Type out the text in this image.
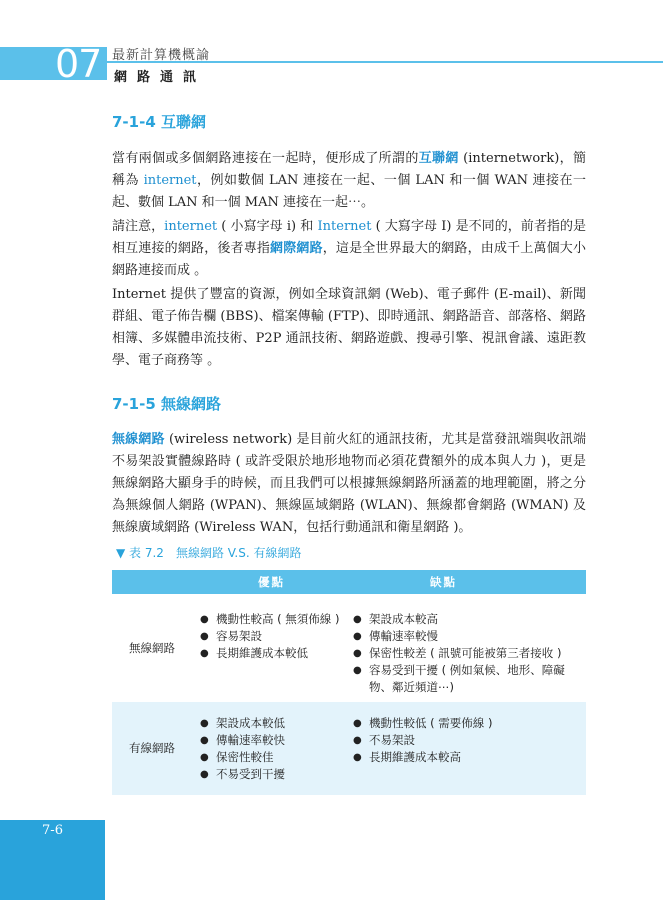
07 最新計算機概論
網路通訊
7-1-4 互聯網
當有兩個或多個網路連接在一起時，便形成了所謂的互聯網 (internetwork)，簡稱為 internet，例如數個 LAN 連接在一起、一個 LAN 和一個 WAN 連接在一起、數個 LAN 和一個 MAN 連接在一起⋯。
請注意，internet ( 小寫字母 i) 和 Internet ( 大寫字母 I) 是不同的，前者指的是相互連接的網路，後者專指網際網路，這是全世界最大的網路，由成千上萬個大小網路連接而成 。
Internet 提供了豐富的資源，例如全球資訊網 (Web)、電子郵件 (E-mail)、新聞群組、電子佈告欄 (BBS)、檔案傳輸 (FTP)、即時通訊、網路語音、部落格、網路相簿、多媒體串流技術、P2P 通訊技術、網路遊戲、搜尋引擎、視訊會議、遠距教學、電子商務等 。
7-1-5 無線網路
無線網路 (wireless network) 是目前火紅的通訊技術，尤其是當發訊端與收訊端不易架設實體線路時 ( 或許受限於地形地物而必須花費額外的成本與人力 )，更是無線網路大顯身手的時候，而且我們可以根據無線網路所涵蓋的地理範圍，將之分為無線個人網路 (WPAN)、無線區域網路 (WLAN)、無線都會網路 (WMAN) 及無線廣域網路 (Wireless WAN，包括行動通訊和衛星網路 )。
▼ 表 7.2　無線網路 V.S. 有線網路
優點	缺點
無線網路
● 機動性較高 ( 無須佈線 )
● 容易架設
● 長期維護成本較低
● 架設成本較高
● 傳輸速率較慢
● 保密性較差 ( 訊號可能被第三者接收 )
● 容易受到干擾 ( 例如氣候、地形、障礙物、鄰近頻道⋯)
有線網路
● 架設成本較低
● 傳輸速率較快
● 保密性較佳
● 不易受到干擾
● 機動性較低 ( 需要佈線 )
● 不易架設
● 長期維護成本較高
7-6
